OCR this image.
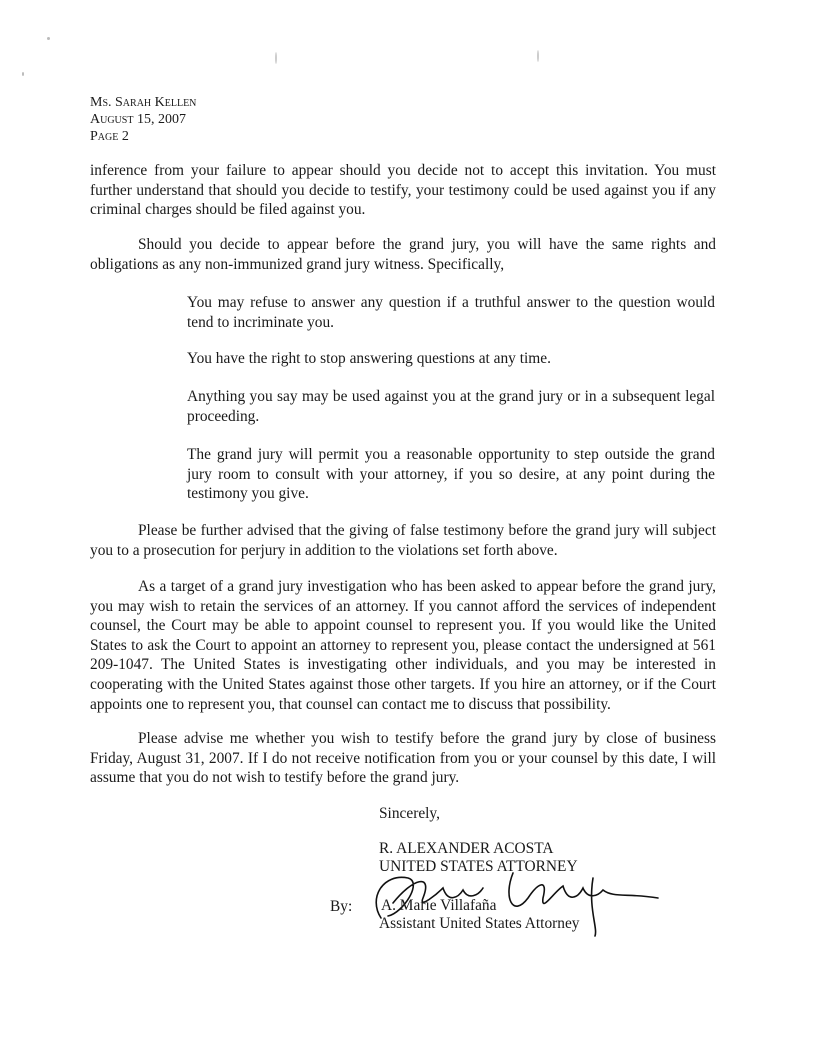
Ms. Sarah Kellen
August 15, 2007
Page 2

inference from your failure to appear should you decide not to accept this invitation. You must further understand that should you decide to testify, your testimony could be used against you if any criminal charges should be filed against you.

Should you decide to appear before the grand jury, you will have the same rights and obligations as any non-immunized grand jury witness. Specifically,

You may refuse to answer any question if a truthful answer to the question would tend to incriminate you.

You have the right to stop answering questions at any time.

Anything you say may be used against you at the grand jury or in a subsequent legal proceeding.

The grand jury will permit you a reasonable opportunity to step outside the grand jury room to consult with your attorney, if you so desire, at any point during the testimony you give.

Please be further advised that the giving of false testimony before the grand jury will subject you to a prosecution for perjury in addition to the violations set forth above.

As a target of a grand jury investigation who has been asked to appear before the grand jury, you may wish to retain the services of an attorney. If you cannot afford the services of independent counsel, the Court may be able to appoint counsel to represent you. If you would like the United States to ask the Court to appoint an attorney to represent you, please contact the undersigned at 561 209-1047. The United States is investigating other individuals, and you may be interested in cooperating with the United States against those other targets. If you hire an attorney, or if the Court appoints one to represent you, that counsel can contact me to discuss that possibility.

Please advise me whether you wish to testify before the grand jury by close of business Friday, August 31, 2007. If I do not receive notification from you or your counsel by this date, I will assume that you do not wish to testify before the grand jury.

Sincerely,
R. ALEXANDER ACOSTA
UNITED STATES ATTORNEY
By: A. Marie Villafaña
Assistant United States Attorney
